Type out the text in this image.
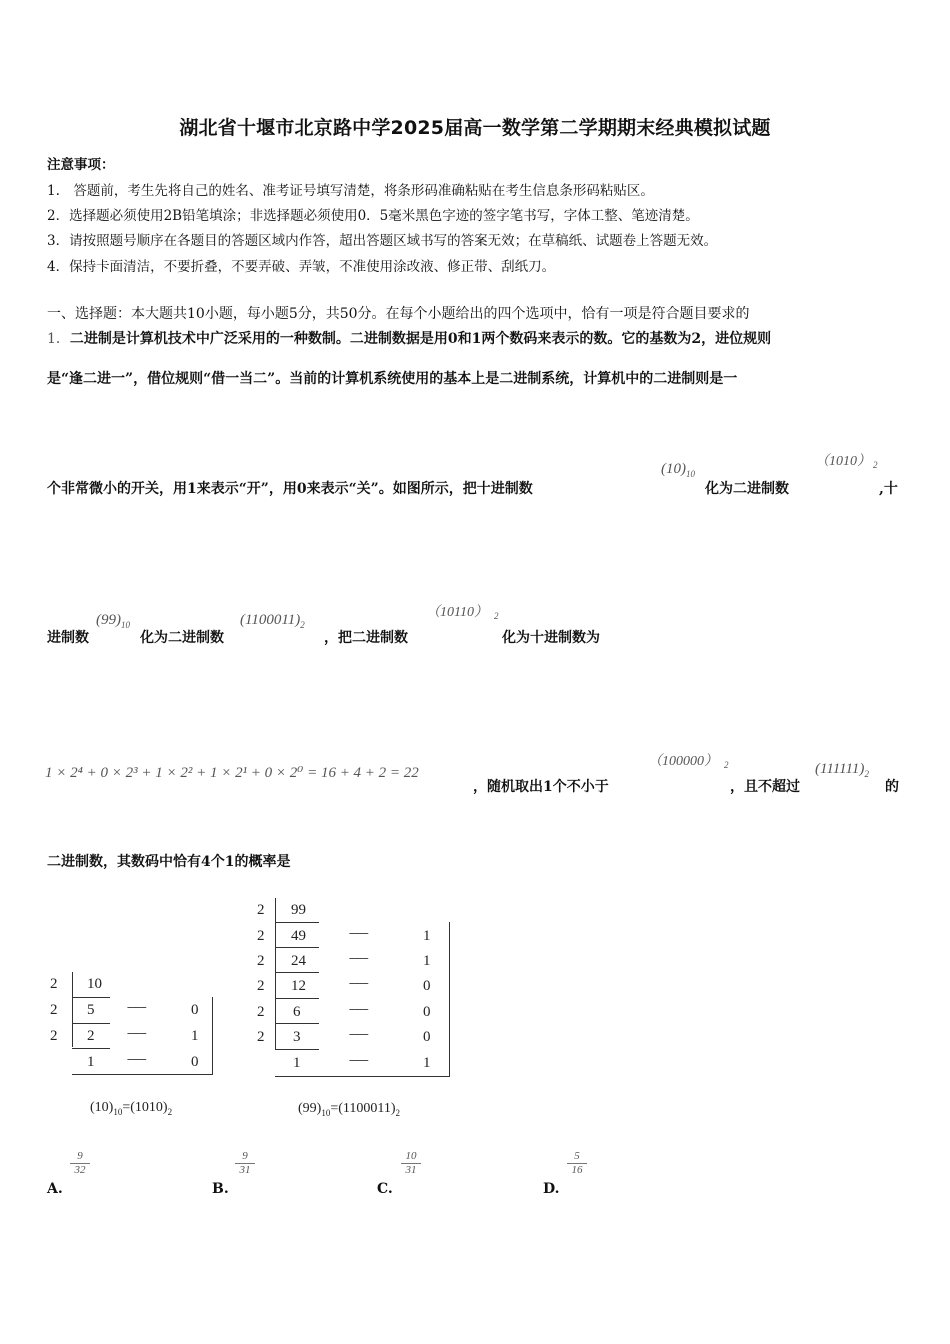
湖北省十堰市北京路中学2025届高一数学第二学期期末经典模拟试题
注意事项：
1.　答题前，考生先将自己的姓名、准考证号填写清楚，将条形码准确粘贴在考生信息条形码粘贴区。
2．选择题必须使用2B铅笔填涂；非选择题必须使用0．5毫米黑色字迹的签字笔书写，字体工整、笔迹清楚。
3．请按照题号顺序在各题目的答题区域内作答，超出答题区域书写的答案无效；在草稿纸、试题卷上答题无效。
4．保持卡面清洁，不要折叠，不要弄破、弄皱，不准使用涂改液、修正带、刮纸刀。
一、选择题：本大题共10小题，每小题5分，共50分。在每个小题给出的四个选项中，恰有一项是符合题目要求的
1．二进制是计算机技术中广泛采用的一种数制。二进制数据是用0和1两个数码来表示的数。它的基数为2，进位规则
是“逢二进一”，借位规则“借一当二”。当前的计算机系统使用的基本上是二进制系统，计算机中的二进制则是一
个非常微小的开关，用1来表示“开”，用0来表示“关”。如图所示，把十进制数
$(10)_{10}$
化为二进制数
（1010） 2
,十
进制数
$(99)_{10}$
化为二进制数
$(1100011)_2$
，把二进制数
（10110） 2
化为十进制数为
1 × 2⁴ + 0 × 2³ + 1 × 2² + 1 × 2¹ + 0 × 2⁰ = 16 + 4 + 2 = 22
，随机取出1个不小于
（100000） 2
，且不超过
$(111111)_2$
的
二进制数，其数码中恰有4个1的概率是
2
2
2
10
5
2
1
-------
-------
-------
0
1
0
$(10)_{10}=(1010)_2$
2
2
2
2
2
2
99
49
24
12
6
3
1
-------
-------
-------
-------
-------
-------
1
1
0
0
0
1
$(99)_{10}=(1100011)_2$
$\frac{9}{32}$
A.
$\frac{9}{31}$
B.
$\frac{10}{31}$
C.
$\frac{5}{16}$
D.
